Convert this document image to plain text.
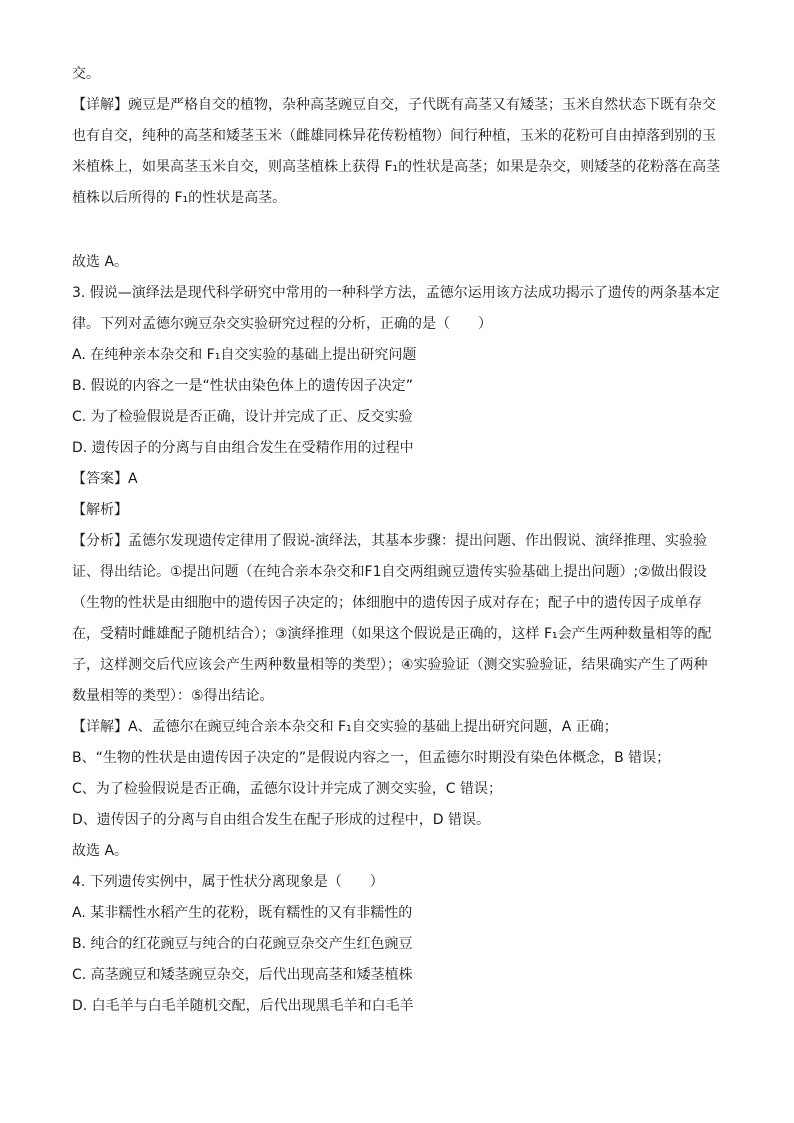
交。
【详解】豌豆是严格自交的植物，杂种高茎豌豆自交，子代既有高茎又有矮茎；玉米自然状态下既有杂交
也有自交，纯种的高茎和矮茎玉米（雌雄同株异花传粉植物）间行种植，玉米的花粉可自由掉落到别的玉
米植株上，如果高茎玉米自交，则高茎植株上获得 F₁的性状是高茎；如果是杂交，则矮茎的花粉落在高茎
植株以后所得的 F₁的性状是高茎。
故选 A。
3. 假说—演绎法是现代科学研究中常用的一种科学方法，孟德尔运用该方法成功揭示了遗传的两条基本定
律。下列对孟德尔豌豆杂交实验研究过程的分析，正确的是（　　）
A. 在纯种亲本杂交和 F₁自交实验的基础上提出研究问题
B. 假说的内容之一是“性状由染色体上的遗传因子决定”
C. 为了检验假说是否正确，设计并完成了正、反交实验
D. 遗传因子的分离与自由组合发生在受精作用的过程中
【答案】A
【解析】
【分析】孟德尔发现遗传定律用了假说-演绎法，其基本步骤：提出问题、作出假说、演绎推理、实验验
证、得出结论。①提出问题（在纯合亲本杂交和F1自交两组豌豆遗传实验基础上提出问题）;②做出假设
（生物的性状是由细胞中的遗传因子决定的；体细胞中的遗传因子成对存在；配子中的遗传因子成单存
在，受精时雌雄配子随机结合）；③演绎推理（如果这个假说是正确的，这样 F₁会产生两种数量相等的配
子，这样测交后代应该会产生两种数量相等的类型）；④实验验证（测交实验验证，结果确实产生了两种
数量相等的类型）：⑤得出结论。
【详解】A、孟德尔在豌豆纯合亲本杂交和 F₁自交实验的基础上提出研究问题，A 正确；
B、“生物的性状是由遗传因子决定的”是假说内容之一，但孟德尔时期没有染色体概念，B 错误；
C、为了检验假说是否正确，孟德尔设计并完成了测交实验，C 错误；
D、遗传因子的分离与自由组合发生在配子形成的过程中，D 错误。
故选 A。
4. 下列遗传实例中，属于性状分离现象是（　　）
A. 某非糯性水稻产生的花粉，既有糯性的又有非糯性的
B. 纯合的红花豌豆与纯合的白花豌豆杂交产生红色豌豆
C. 高茎豌豆和矮茎豌豆杂交，后代出现高茎和矮茎植株
D. 白毛羊与白毛羊随机交配，后代出现黑毛羊和白毛羊
